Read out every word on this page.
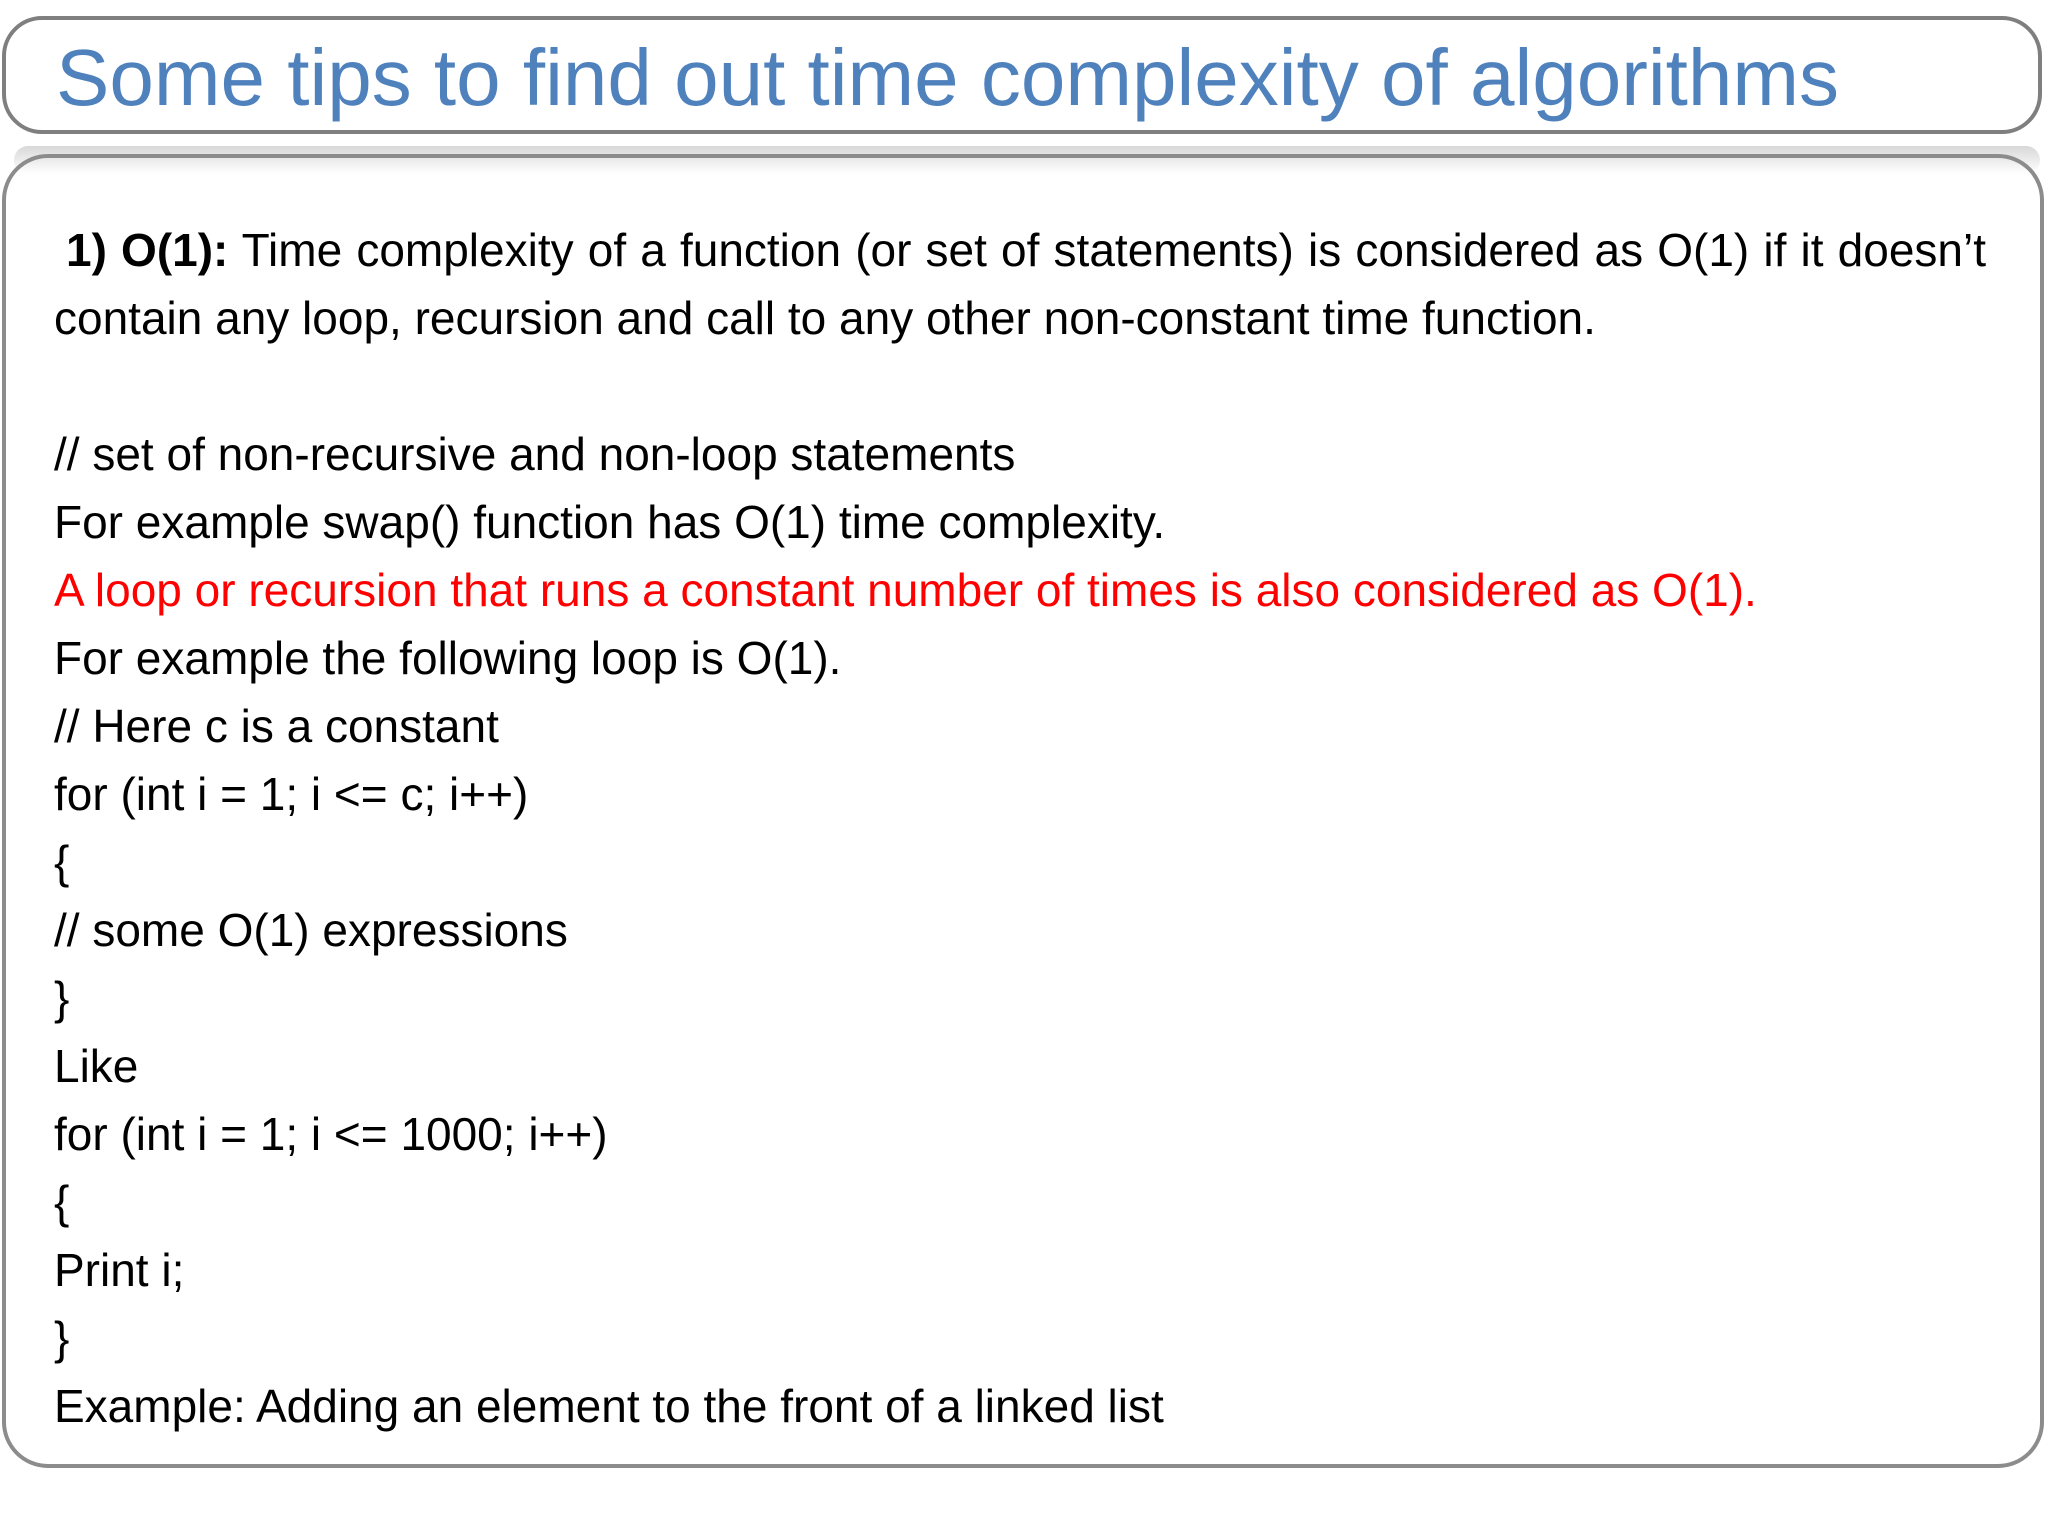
Some tips to find out time complexity of algorithms

1) O(1): Time complexity of a function (or set of statements) is considered as O(1) if it doesn’t contain any loop, recursion and call to any other non-constant time function.

// set of non-recursive and non-loop statements

For example swap() function has O(1) time complexity.

A loop or recursion that runs a constant number of times is also considered as O(1).

For example the following loop is O(1).

// Here c is a constant

for (int i = 1; i <= c; i++)

{

// some O(1) expressions

}

Like

for (int i = 1; i <= 1000; i++)

{

Print i;

}

Example: Adding an element to the front of a linked list
